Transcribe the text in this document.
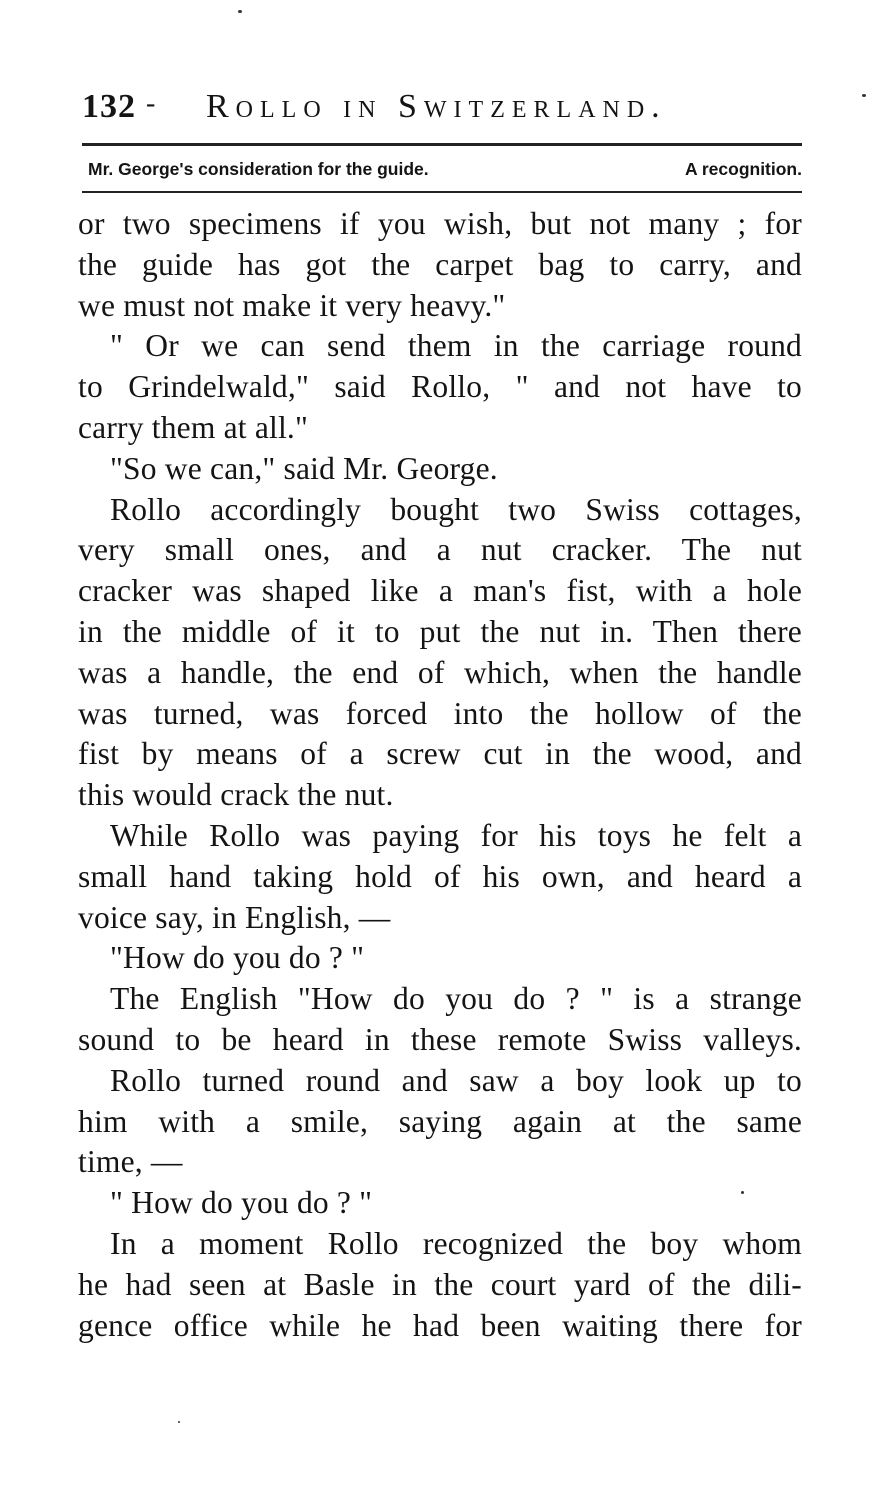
132 - Rollo in Switzerland.
Mr. George's consideration for the guide.	A recognition.
or two specimens if you wish, but not many ; for
the guide has got the carpet bag to carry, and
we must not make it very heavy."
" Or we can send them in the carriage round
to Grindelwald," said Rollo, " and not have to
carry them at all."
"So we can," said Mr. George.
Rollo accordingly bought two Swiss cottages,
very small ones, and a nut cracker. The nut
cracker was shaped like a man's fist, with a hole
in the middle of it to put the nut in. Then there
was a handle, the end of which, when the handle
was turned, was forced into the hollow of the
fist by means of a screw cut in the wood, and
this would crack the nut.
While Rollo was paying for his toys he felt a
small hand taking hold of his own, and heard a
voice say, in English, —
"How do you do ? "
The English "How do you do ? " is a strange
sound to be heard in these remote Swiss valleys.
Rollo turned round and saw a boy look up to
him with a smile, saying again at the same
time, —
" How do you do ? "
In a moment Rollo recognized the boy whom
he had seen at Basle in the court yard of the dili-
gence office while he had been waiting there for
